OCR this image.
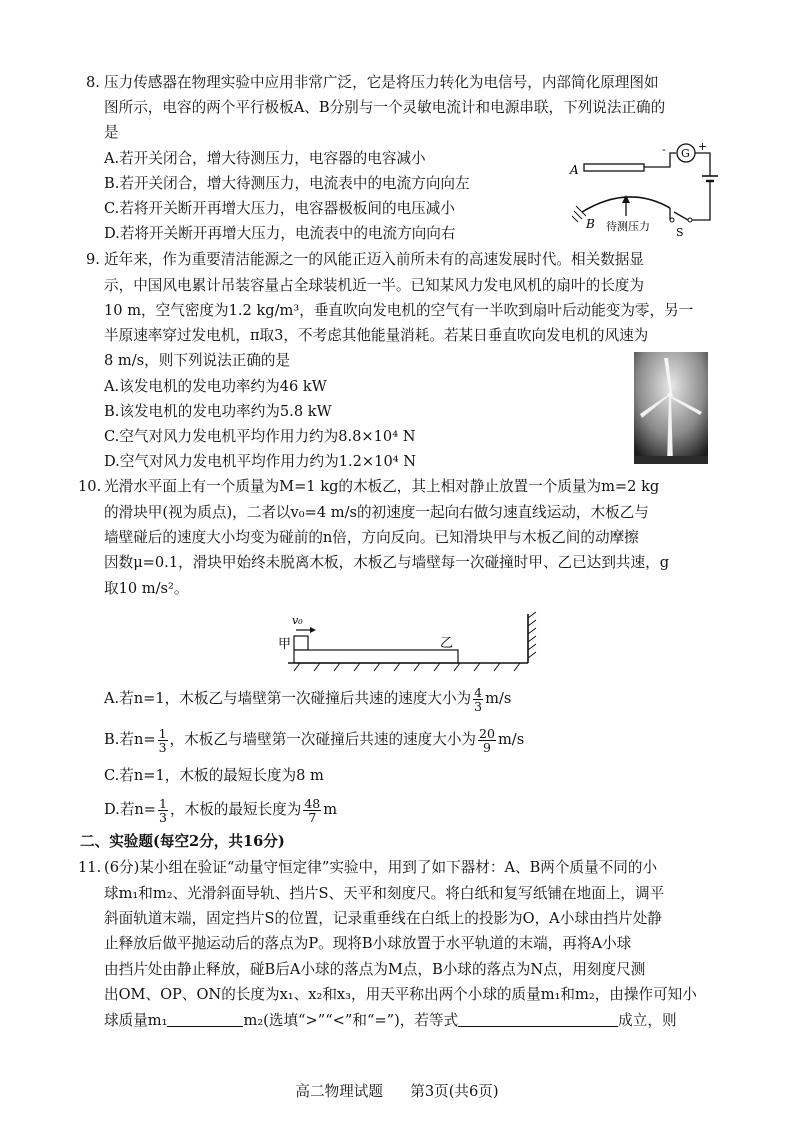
8. 压力传感器在物理实验中应用非常广泛，它是将压力转化为电信号，内部简化原理图如
图所示，电容的两个平行极板A、B分别与一个灵敏电流计和电源串联，下列说法正确的
是
A.若开关闭合，增大待测压力，电容器的电容减小
B.若开关闭合，增大待测压力，电流表中的电流方向向左
C.若将开关断开再增大压力，电容器极板间的电压减小
D.若将开关断开再增大压力，电流表中的电流方向向右
A
- G
+
S
B 待测压力
9. 近年来，作为重要清洁能源之一的风能正迈入前所未有的高速发展时代。相关数据显
示，中国风电累计吊装容量占全球装机近一半。已知某风力发电风机的扇叶的长度为
10 m，空气密度为1.2 kg/m³，垂直吹向发电机的空气有一半吹到扇叶后动能变为零，另一
半原速率穿过发电机，π取3，不考虑其他能量消耗。若某日垂直吹向发电机的风速为
8 m/s，则下列说法正确的是
A.该发电机的发电功率约为46 kW
B.该发电机的发电功率约为5.8 kW
C.空气对风力发电机平均作用力约为8.8×10⁴ N
D.空气对风力发电机平均作用力约为1.2×10⁴ N
10. 光滑水平面上有一个质量为M=1 kg的木板乙，其上相对静止放置一个质量为m=2 kg
的滑块甲(视为质点)，二者以v₀=4 m/s的初速度一起向右做匀速直线运动，木板乙与
墙壁碰后的速度大小均变为碰前的n倍，方向反向。已知滑块甲与木板乙间的动摩擦
因数μ=0.1，滑块甲始终未脱离木板，木板乙与墙壁每一次碰撞时甲、乙已达到共速，g
取10 m/s²。
v₀
甲	乙
A.若n=1，木板乙与墙壁第一次碰撞后共速的速度大小为 $\frac{4}{3} m/s$
B.若$n= \frac{1}{3}$ ，木板乙与墙壁第一次碰撞后共速的速度大小为 $\frac{20}{9} m/s$
C.若n=1，木板的最短长度为8 m
D.若$n= \frac{1}{3}$ ，木板的最短长度为 $\frac{48}{7}$ m
二、实验题(每空2分，共16分)
11. (6分)某小组在验证“动量守恒定律”实验中，用到了如下器材：A、B两个质量不同的小
球m₁和m₂、光滑斜面导轨、挡片S、天平和刻度尺。将白纸和复写纸铺在地面上，调平
斜面轨道末端，固定挡片S的位置，记录重垂线在白纸上的投影为O，A小球由挡片处静
止释放后做平抛运动后的落点为P。现将B小球放置于水平轨道的末端，再将A小球
由挡片处由静止释放，碰B后A小球的落点为M点，B小球的落点为N点，用刻度尺测
出OM、OP、ON的长度为x₁、x₂和x₃，用天平称出两个小球的质量m₁和m₂，由操作可知小
球质量m₁	m₂(选填“>”“<”和“=”)，若等式	成立，则
高二物理试题 第3页(共6页)
